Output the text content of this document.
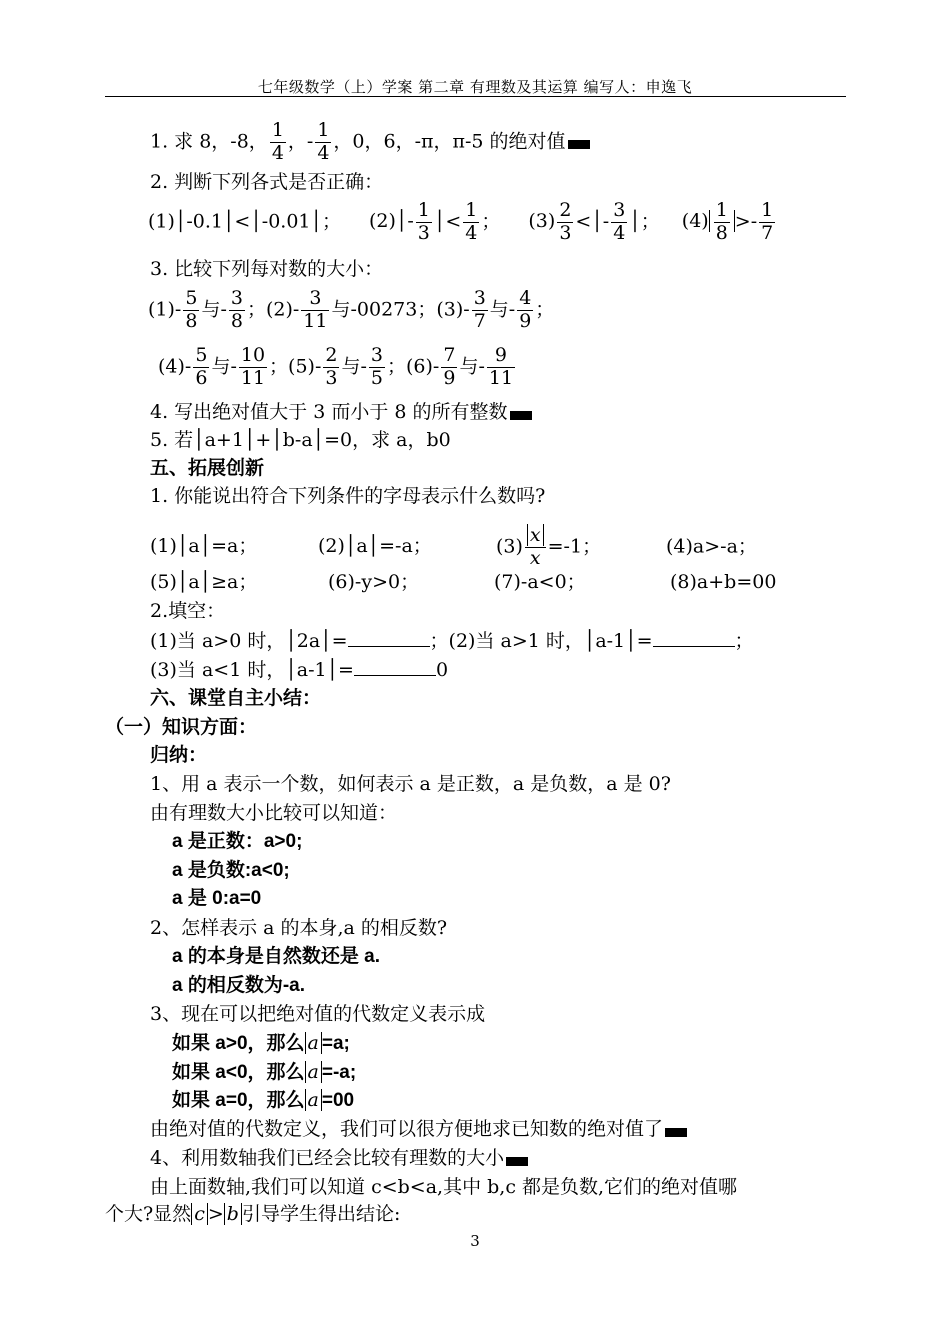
七年级数学（上）学案 第二章 有理数及其运算 编写人：申逸飞
1. 求 8，-8， $\frac{1}{4}$ ，- $\frac{1}{4}$ ，0，6，-π，π-5 的绝对值
2. 判断下列各式是否正确：
(1)│-0.1│<│-0.01│； (2)│- $\frac{1}{3}$ │< $\frac{1}{4}$ ； $(3) \frac{2}{3}$ <│- $\frac{3}{4}$ │； $(4) \frac{1}{8} >- \frac{1}{7}$
3. 比较下列每对数的大小：
$(1)- \frac{5}{8}$ 与- $\frac{3}{8}$ ；$(2)- \frac{3}{11}$ 与-00273；$(3)- \frac{3}{7}$ 与- $\frac{4}{9}$ ；
$(4)- \frac{5}{6}$ 与- $\frac{10}{11}$ ；$(5)- \frac{2}{3}$ 与- $\frac{3}{5}$ ；$(6)- \frac{7}{9}$ 与- $\frac{9}{11}$
4. 写出绝对值大于 3 而小于 8 的所有整数
5. 若│a+1│+│b-a│=0，求 a，b0
五、拓展创新
1. 你能说出符合下列条件的字母表示什么数吗?
(1)│a│=a；	(2)│a│=-a；	$(3) \frac{x}{x} =-1$；	(4)a>-a；
(5)│a│≥a；	(6)-y>0；	(7)-a<0；	(8)a+b=00
2.填空：
(1)当 a>0 时，│2a│=	；(2)当 a>1 时，│a-1│=	；
(3)当 a<1 时，│a-1│=	0
六、课堂自主小结：
（一）知识方面：
归纳：
1、用 a 表示一个数，如何表示 a 是正数，a 是负数，a 是 0?
由有理数大小比较可以知道：
a 是正数：a>0;
a 是负数:a<0;
a 是 0:a=0
2、怎样表示 a 的本身,a 的相反数?
a 的本身是自然数还是 a.
a 的相反数为-a.
3、现在可以把绝对值的代数定义表示成
如果 a>0，那么 a =a;
如果 a<0，那么 a =-a;
如果 a=0，那么 a =00
由绝对值的代数定义，我们可以很方便地求已知数的绝对值了
4、利用数轴我们已经会比较有理数的大小
由上面数轴,我们可以知道 c<b<a,其中 b,c 都是负数,它们的绝对值哪
个大?显然 c > b 引导学生得出结论:
3
